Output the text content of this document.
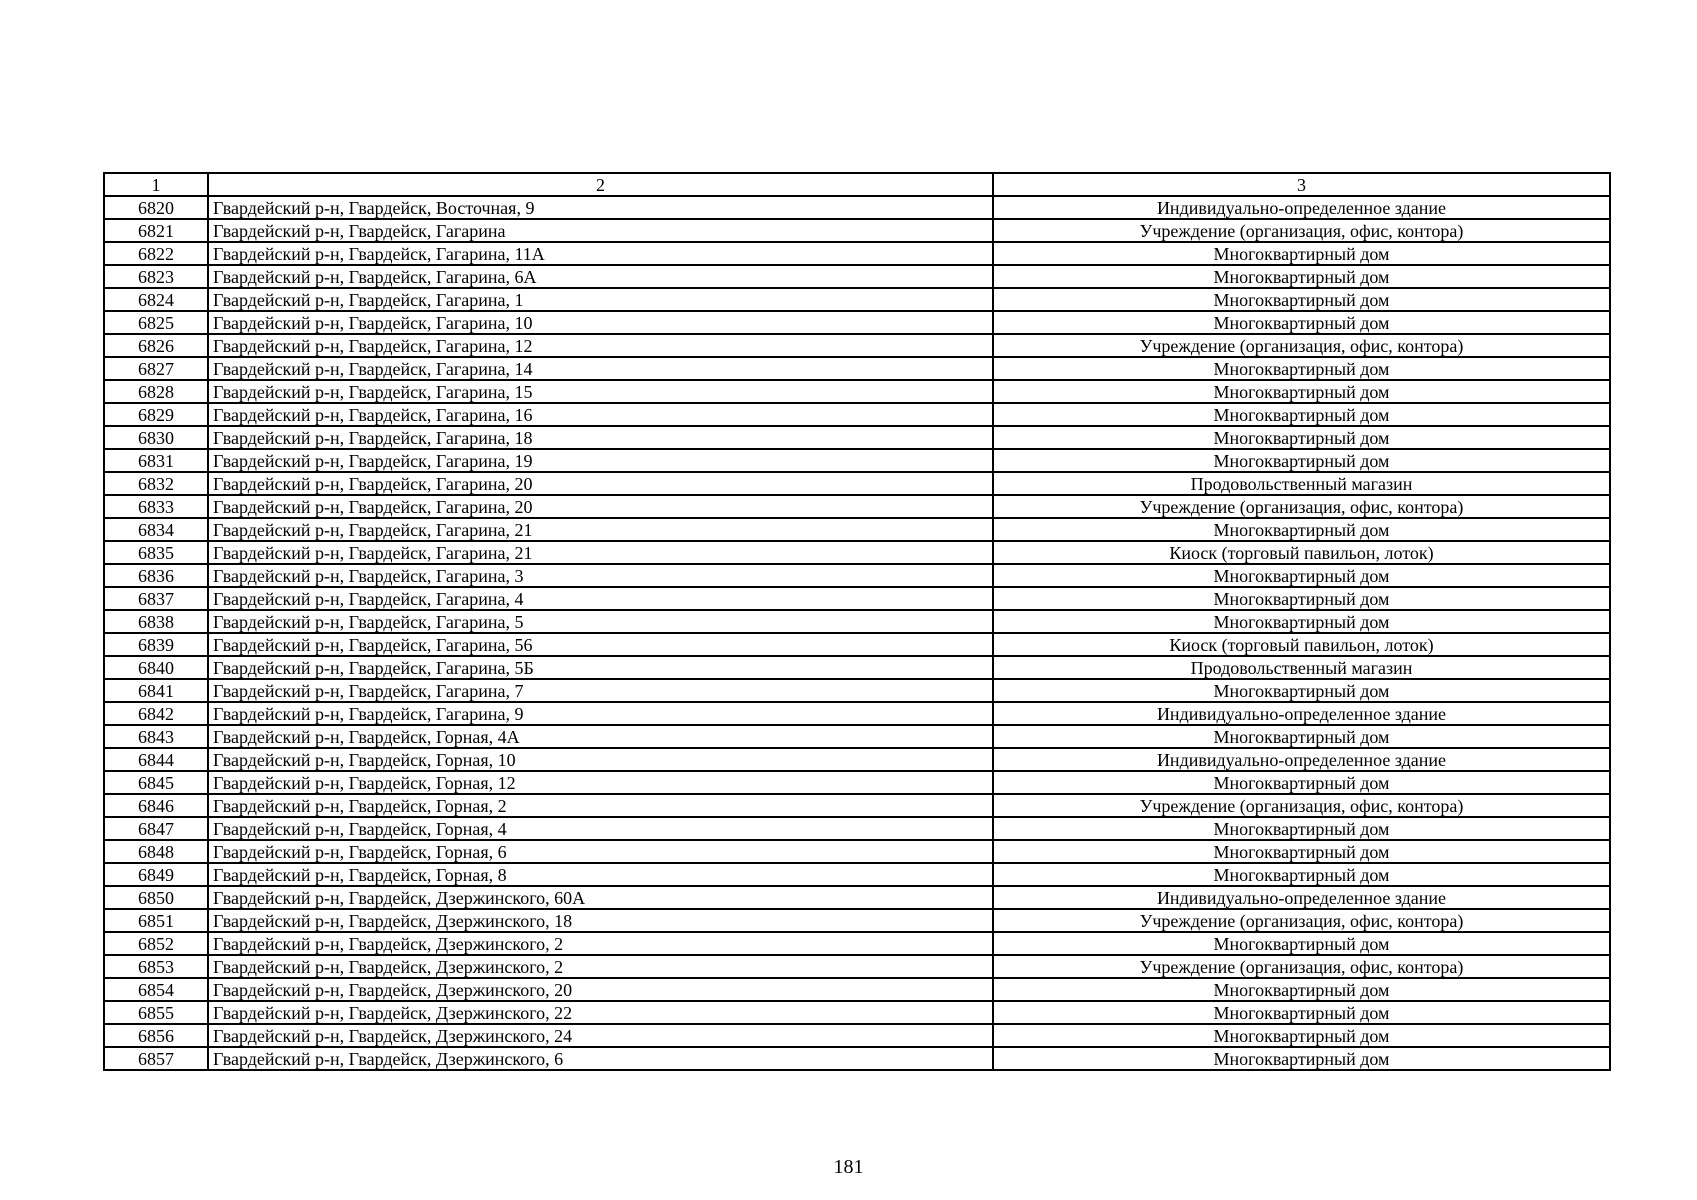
1	2	3
6820	Гвардейский р-н, Гвардейск, Восточная, 9	Индивидуально-определенное здание
6821	Гвардейский р-н, Гвардейск, Гагарина	Учреждение (организация, офис, контора)
6822	Гвардейский р-н, Гвардейск, Гагарина, 11А	Многоквартирный дом
6823	Гвардейский р-н, Гвардейск, Гагарина, 6А	Многоквартирный дом
6824	Гвардейский р-н, Гвардейск, Гагарина, 1	Многоквартирный дом
6825	Гвардейский р-н, Гвардейск, Гагарина, 10	Многоквартирный дом
6826	Гвардейский р-н, Гвардейск, Гагарина, 12	Учреждение (организация, офис, контора)
6827	Гвардейский р-н, Гвардейск, Гагарина, 14	Многоквартирный дом
6828	Гвардейский р-н, Гвардейск, Гагарина, 15	Многоквартирный дом
6829	Гвардейский р-н, Гвардейск, Гагарина, 16	Многоквартирный дом
6830	Гвардейский р-н, Гвардейск, Гагарина, 18	Многоквартирный дом
6831	Гвардейский р-н, Гвардейск, Гагарина, 19	Многоквартирный дом
6832	Гвардейский р-н, Гвардейск, Гагарина, 20	Продовольственный магазин
6833	Гвардейский р-н, Гвардейск, Гагарина, 20	Учреждение (организация, офис, контора)
6834	Гвардейский р-н, Гвардейск, Гагарина, 21	Многоквартирный дом
6835	Гвардейский р-н, Гвардейск, Гагарина, 21	Киоск (торговый павильон, лоток)
6836	Гвардейский р-н, Гвардейск, Гагарина, 3	Многоквартирный дом
6837	Гвардейский р-н, Гвардейск, Гагарина, 4	Многоквартирный дом
6838	Гвардейский р-н, Гвардейск, Гагарина, 5	Многоквартирный дом
6839	Гвардейский р-н, Гвардейск, Гагарина, 56	Киоск (торговый павильон, лоток)
6840	Гвардейский р-н, Гвардейск, Гагарина, 5Б	Продовольственный магазин
6841	Гвардейский р-н, Гвардейск, Гагарина, 7	Многоквартирный дом
6842	Гвардейский р-н, Гвардейск, Гагарина, 9	Индивидуально-определенное здание
6843	Гвардейский р-н, Гвардейск, Горная, 4А	Многоквартирный дом
6844	Гвардейский р-н, Гвардейск, Горная, 10	Индивидуально-определенное здание
6845	Гвардейский р-н, Гвардейск, Горная, 12	Многоквартирный дом
6846	Гвардейский р-н, Гвардейск, Горная, 2	Учреждение (организация, офис, контора)
6847	Гвардейский р-н, Гвардейск, Горная, 4	Многоквартирный дом
6848	Гвардейский р-н, Гвардейск, Горная, 6	Многоквартирный дом
6849	Гвардейский р-н, Гвардейск, Горная, 8	Многоквартирный дом
6850	Гвардейский р-н, Гвардейск, Дзержинского, 60А	Индивидуально-определенное здание
6851	Гвардейский р-н, Гвардейск, Дзержинского, 18	Учреждение (организация, офис, контора)
6852	Гвардейский р-н, Гвардейск, Дзержинского, 2	Многоквартирный дом
6853	Гвардейский р-н, Гвардейск, Дзержинского, 2	Учреждение (организация, офис, контора)
6854	Гвардейский р-н, Гвардейск, Дзержинского, 20	Многоквартирный дом
6855	Гвардейский р-н, Гвардейск, Дзержинского, 22	Многоквартирный дом
6856	Гвардейский р-н, Гвардейск, Дзержинского, 24	Многоквартирный дом
6857	Гвардейский р-н, Гвардейск, Дзержинского, 6	Многоквартирный дом
181
